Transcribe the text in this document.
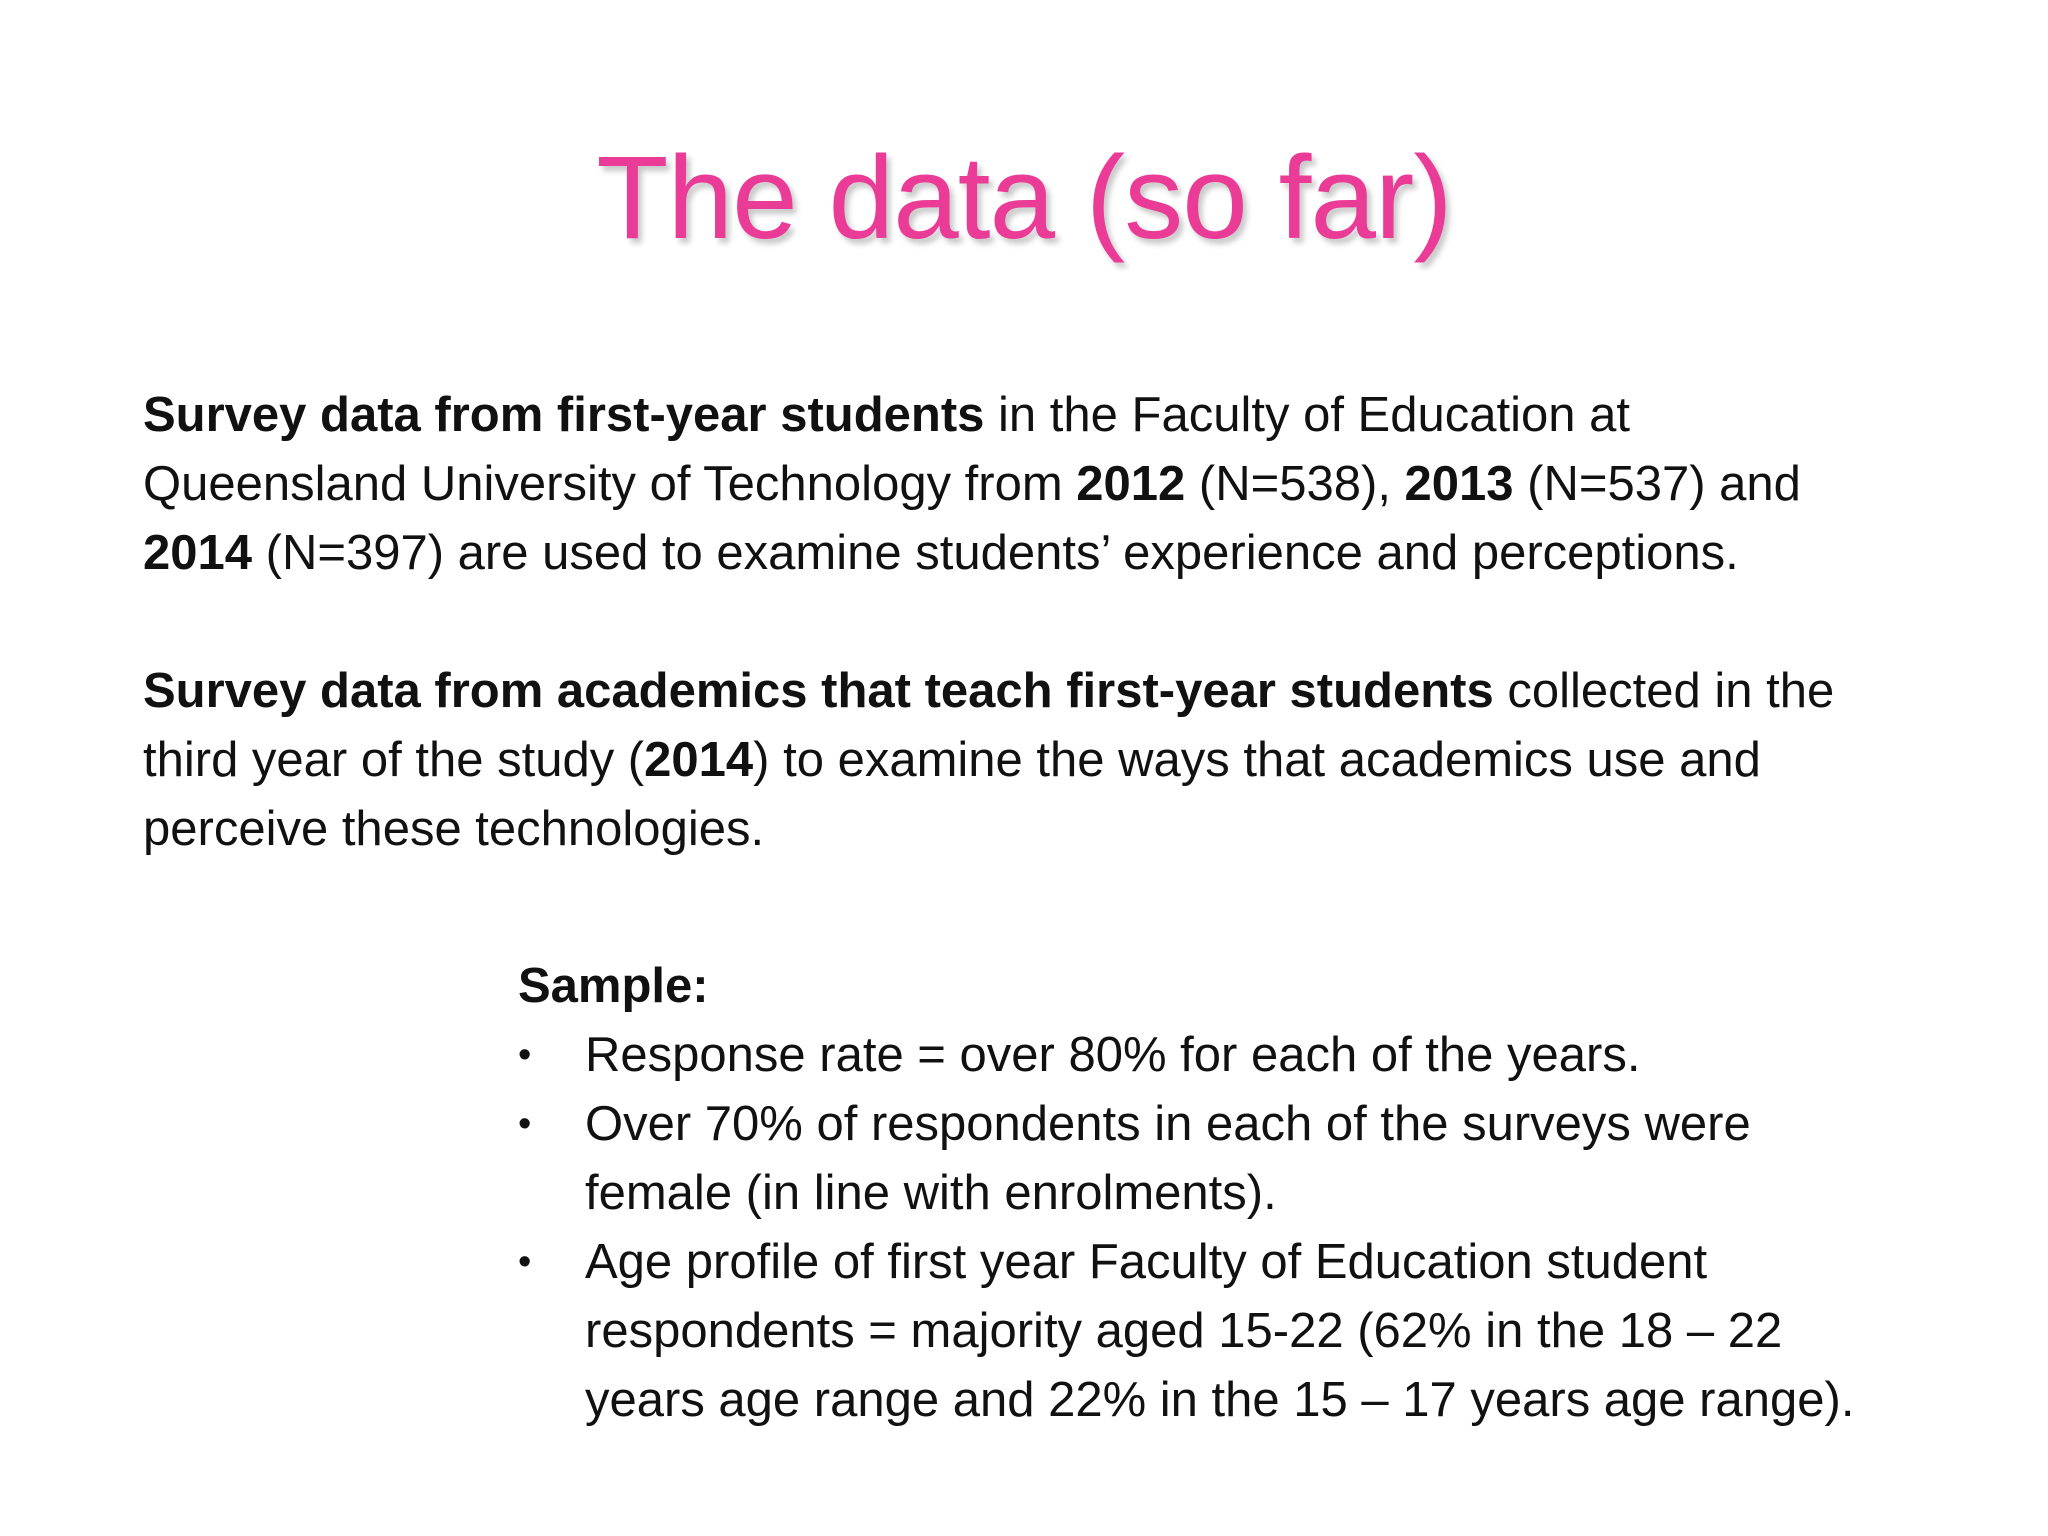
The data (so far)

Survey data from first-year students in the Faculty of Education at
Queensland University of Technology from 2012 (N=538), 2013 (N=537) and
2014 (N=397) are used to examine students’ experience and perceptions.

Survey data from academics that teach first-year students collected in the
third year of the study (2014) to examine the ways that academics use and
perceive these technologies.

Sample:

•	Response rate = over 80% for each of the years.
•	Over 70% of respondents in each of the surveys were
female (in line with enrolments).
•	Age profile of first year Faculty of Education student
respondents = majority aged 15-22 (62% in the 18 – 22
years age range and 22% in the 15 – 17 years age range).
